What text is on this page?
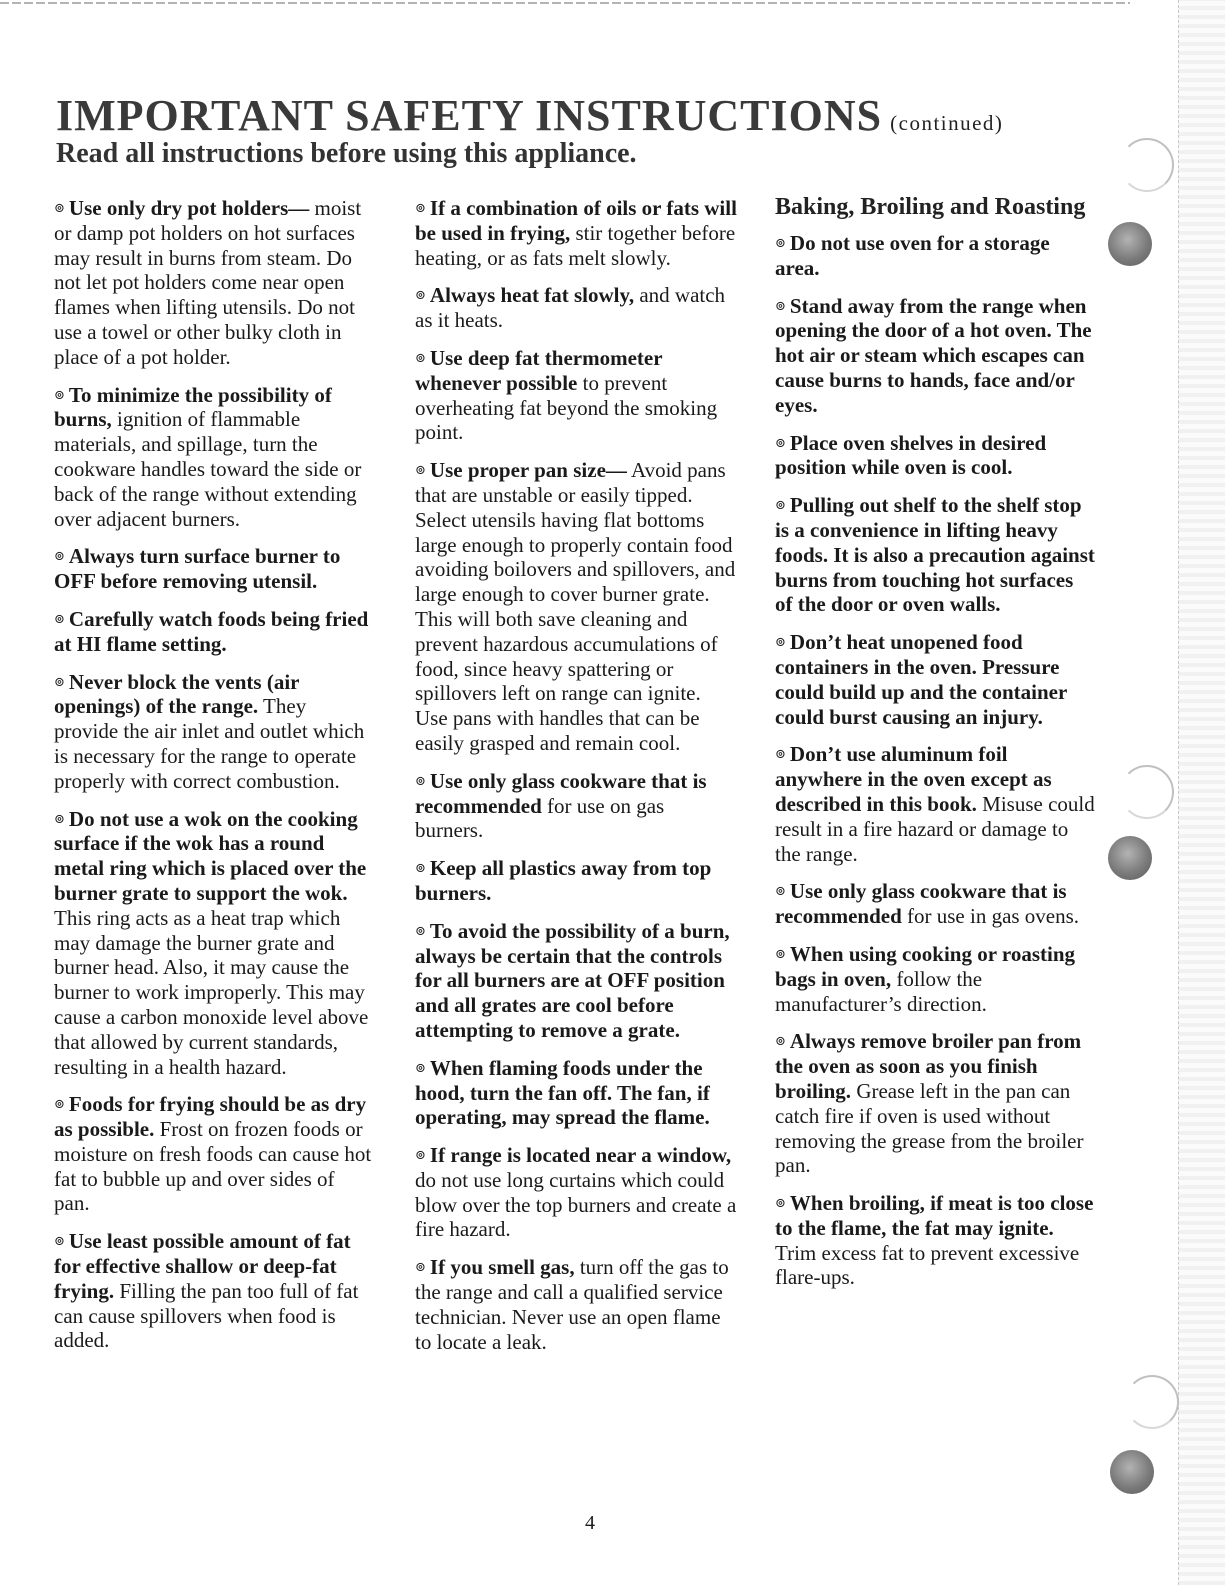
IMPORTANT SAFETY INSTRUCTIONS (continued)
Read all instructions before using this appliance.

⊚ Use only dry pot holders— moist or damp pot holders on hot surfaces may result in burns from steam. Do not let pot holders come near open flames when lifting utensils. Do not use a towel or other bulky cloth in place of a pot holder.

⊚ To minimize the possibility of burns, ignition of flammable materials, and spillage, turn the cookware handles toward the side or back of the range without extending over adjacent burners.

⊚ Always turn surface burner to OFF before removing utensil.

⊚ Carefully watch foods being fried at HI flame setting.

⊚ Never block the vents (air openings) of the range. They provide the air inlet and outlet which is necessary for the range to operate properly with correct combustion.

⊚ Do not use a wok on the cooking surface if the wok has a round metal ring which is placed over the burner grate to support the wok. This ring acts as a heat trap which may damage the burner grate and burner head. Also, it may cause the burner to work improperly. This may cause a carbon monoxide level above that allowed by current standards, resulting in a health hazard.

⊚ Foods for frying should be as dry as possible. Frost on frozen foods or moisture on fresh foods can cause hot fat to bubble up and over sides of pan.

⊚ Use least possible amount of fat for effective shallow or deep-fat frying. Filling the pan too full of fat can cause spillovers when food is added.

⊚ If a combination of oils or fats will be used in frying, stir together before heating, or as fats melt slowly.

⊚ Always heat fat slowly, and watch as it heats.

⊚ Use deep fat thermometer whenever possible to prevent overheating fat beyond the smoking point.

⊚ Use proper pan size— Avoid pans that are unstable or easily tipped. Select utensils having flat bottoms large enough to properly contain food avoiding boilovers and spillovers, and large enough to cover burner grate. This will both save cleaning and prevent hazardous accumulations of food, since heavy spattering or spillovers left on range can ignite. Use pans with handles that can be easily grasped and remain cool.

⊚ Use only glass cookware that is recommended for use on gas burners.

⊚ Keep all plastics away from top burners.

⊚ To avoid the possibility of a burn, always be certain that the controls for all burners are at OFF position and all grates are cool before attempting to remove a grate.

⊚ When flaming foods under the hood, turn the fan off. The fan, if operating, may spread the flame.

⊚ If range is located near a window, do not use long curtains which could blow over the top burners and create a fire hazard.

⊚ If you smell gas, turn off the gas to the range and call a qualified service technician. Never use an open flame to locate a leak.

Baking, Broiling and Roasting

⊚ Do not use oven for a storage area.

⊚ Stand away from the range when opening the door of a hot oven. The hot air or steam which escapes can cause burns to hands, face and/or eyes.

⊚ Place oven shelves in desired position while oven is cool.

⊚ Pulling out shelf to the shelf stop is a convenience in lifting heavy foods. It is also a precaution against burns from touching hot surfaces of the door or oven walls.

⊚ Don’t heat unopened food containers in the oven. Pressure could build up and the container could burst causing an injury.

⊚ Don’t use aluminum foil anywhere in the oven except as described in this book. Misuse could result in a fire hazard or damage to the range.

⊚ Use only glass cookware that is recommended for use in gas ovens.

⊚ When using cooking or roasting bags in oven, follow the manufacturer’s direction.

⊚ Always remove broiler pan from the oven as soon as you finish broiling. Grease left in the pan can catch fire if oven is used without removing the grease from the broiler pan.

⊚ When broiling, if meat is too close to the flame, the fat may ignite. Trim excess fat to prevent excessive flare-ups.

4
